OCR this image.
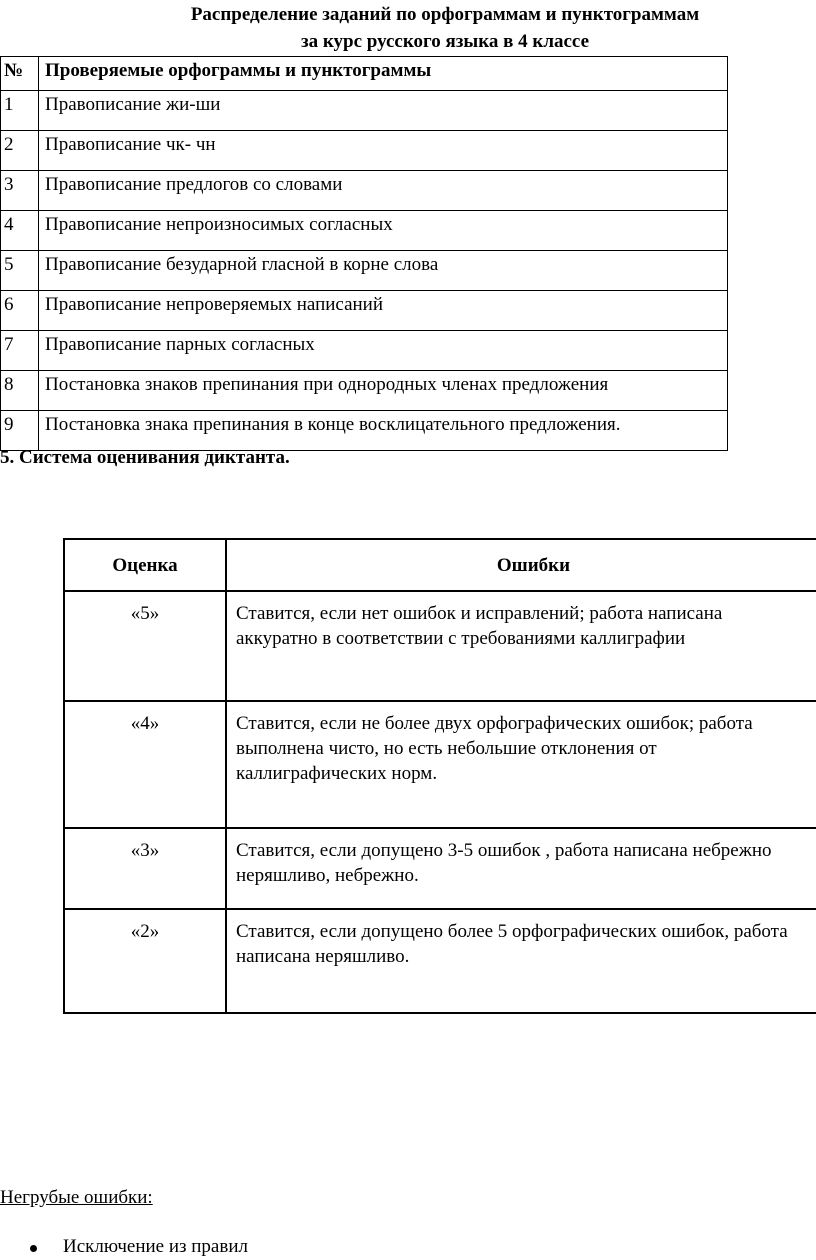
Распределение заданий по орфограммам и пунктограммам
за курс русского языка в 4 классе
№	Проверяемые орфограммы и пунктограммы
1	Правописание жи-ши
2	Правописание чк- чн
3	Правописание предлогов со словами
4	Правописание непроизносимых согласных
5	Правописание безударной гласной в корне слова
6	Правописание непроверяемых написаний
7	Правописание парных согласных
8	Постановка знаков препинания при однородных членах предложения
9	Постановка знака препинания в конце восклицательного предложения.
5. Система оценивания диктанта.
Оценка	Ошибки
«5»	Ставится, если нет ошибок и исправлений; работа написана
аккуратно в соответствии с требованиями каллиграфии

«4»	Ставится, если не более двух орфографических ошибок; работа
выполнена чисто, но есть небольшие отклонения от
каллиграфических норм.

«3»	Ставится, если допущено 3-5 ошибок , работа написана небрежно
неряшливо, небрежно.

«2»	Ставится, если допущено более 5 орфографических ошибок, работа
написана неряшливо.
Негрубые ошибки:
Исключение из правил
